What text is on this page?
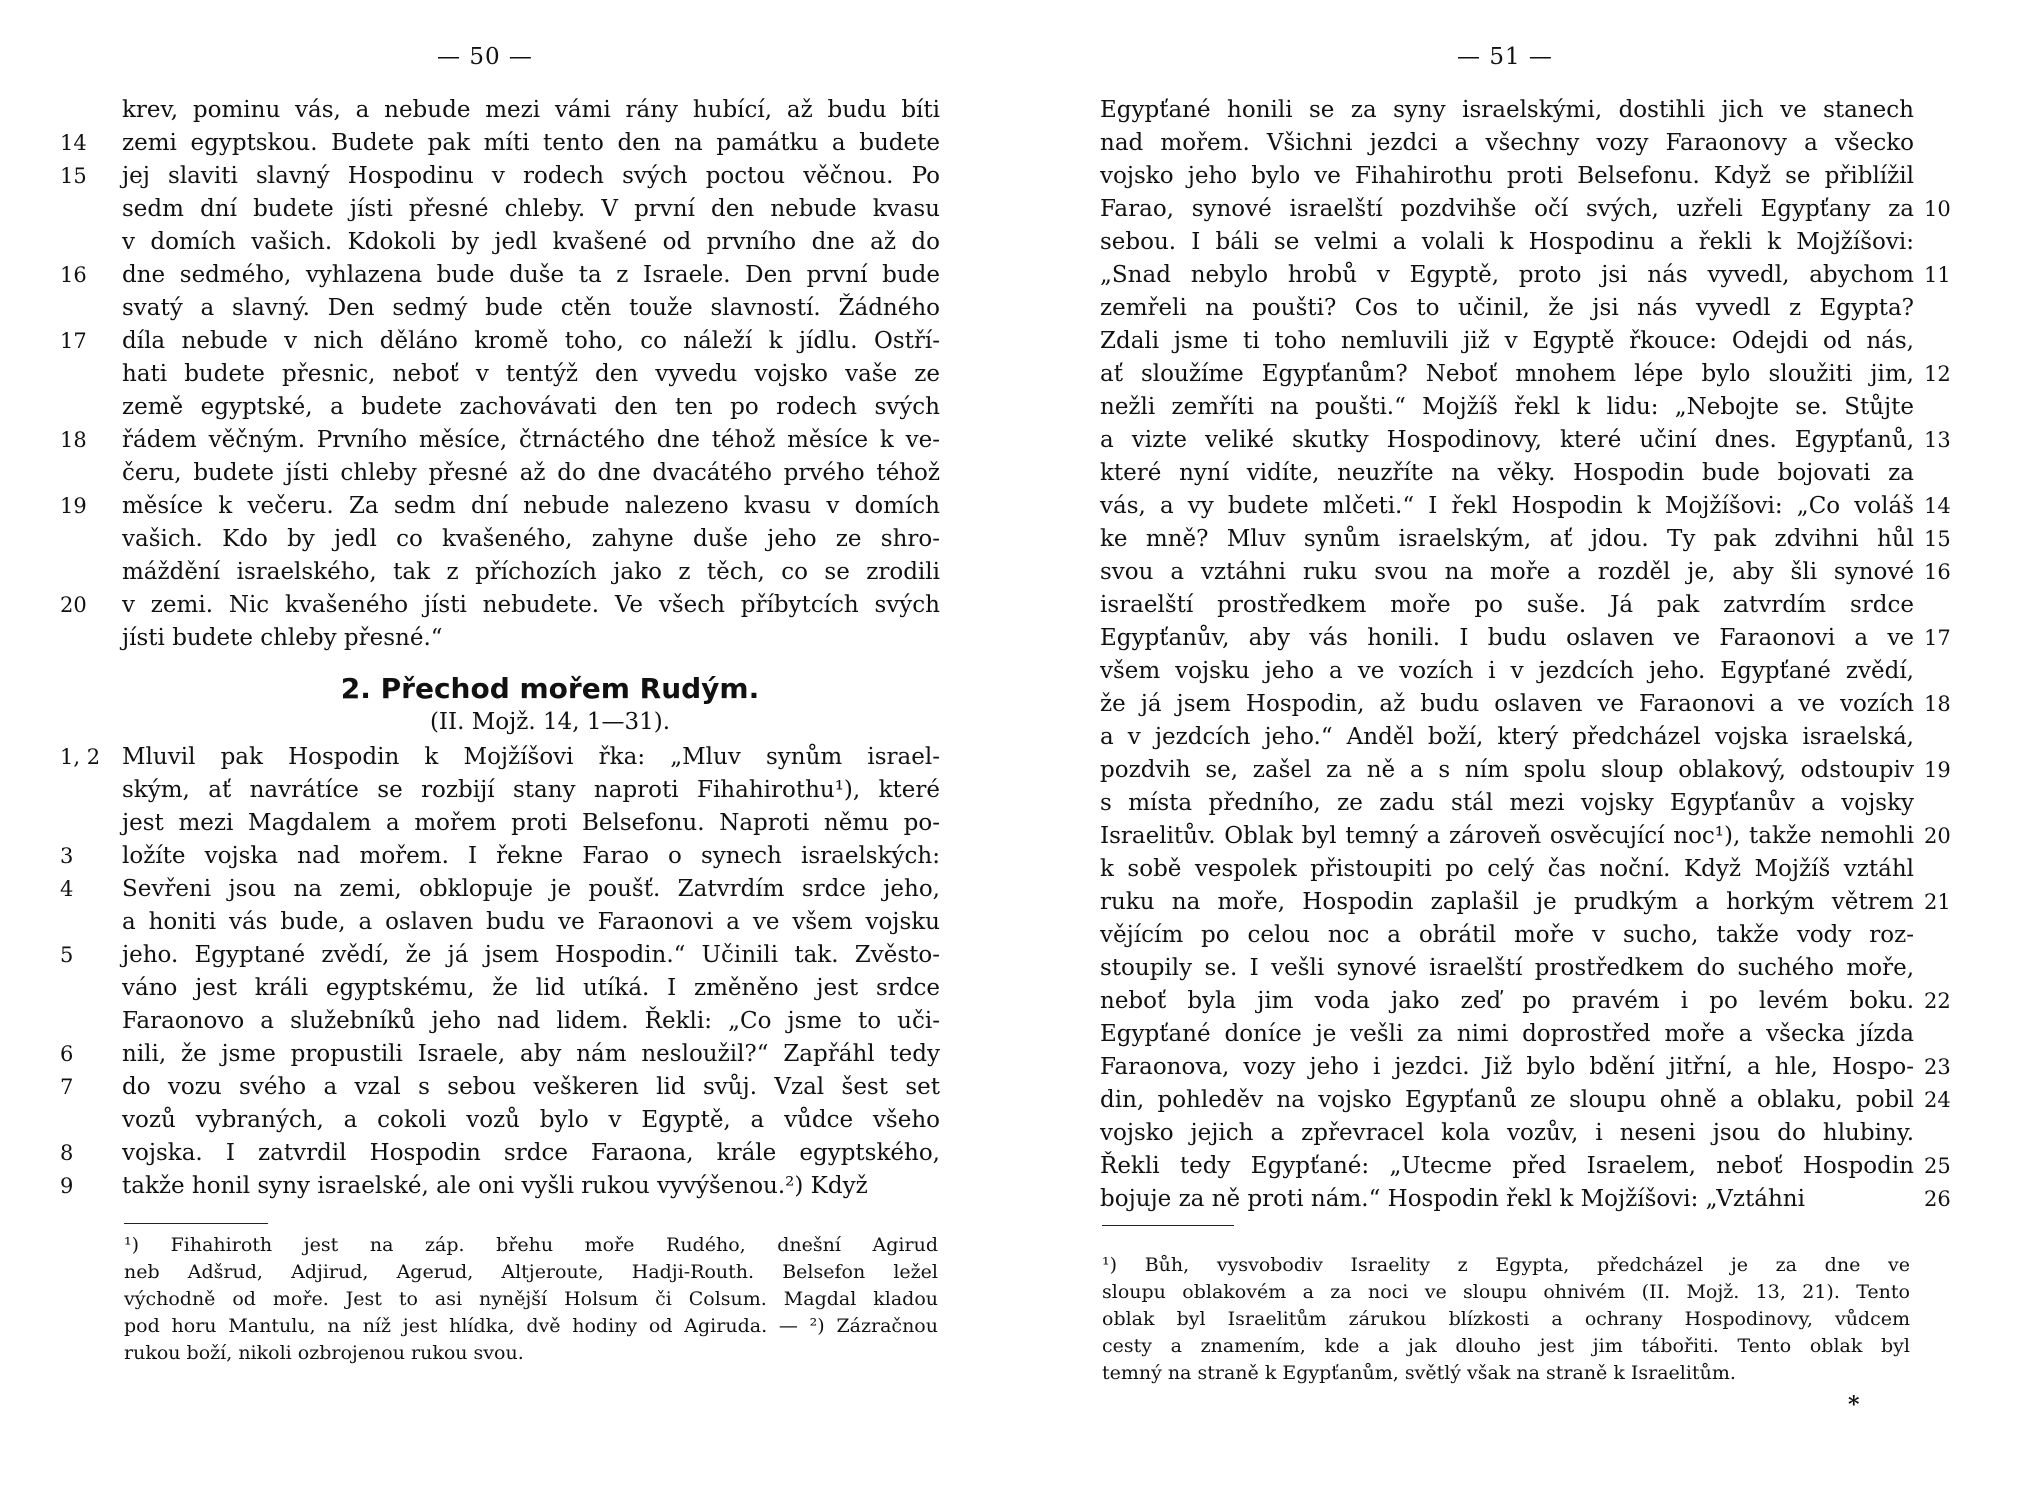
— 50 —
krev, pominu vás, a nebude mezi vámi rány hubící, až budu bíti
14	zemi egyptskou. Budete pak míti tento den na památku a budete
15	jej slaviti slavný Hospodinu v rodech svých poctou věčnou. Po
sedm dní budete jísti přesné chleby. V první den nebude kvasu
v domích vašich. Kdokoli by jedl kvašené od prvního dne až do
16	dne sedmého, vyhlazena bude duše ta z Israele. Den první bude
svatý a slavný. Den sedmý bude ctěn touže slavností. Žádného
17	díla nebude v nich děláno kromě toho, co náleží k jídlu. Ostří-
hati budete přesnic, neboť v tentýž den vyvedu vojsko vaše ze
země egyptské, a budete zachovávati den ten po rodech svých
18	řádem věčným. Prvního měsíce, čtrnáctého dne téhož měsíce k ve-
čeru, budete jísti chleby přesné až do dne dvacátého prvého téhož
19	měsíce k večeru. Za sedm dní nebude nalezeno kvasu v domích
vašich. Kdo by jedl co kvašeného, zahyne duše jeho ze shro-
máždění israelského, tak z příchozích jako z těch, co se zrodili
20	v zemi. Nic kvašeného jísti nebudete. Ve všech příbytcích svých
jísti budete chleby přesné.“
2. Přechod mořem Rudým.
(II. Mojž. 14, 1—31).
1, 2 Mluvil pak Hospodin k Mojžíšovi řka: „Mluv synům israel-
ským, ať navrátíce se rozbijí stany naproti Fihahirothu¹), které
jest mezi Magdalem a mořem proti Belsefonu. Naproti němu po-
3	ložíte vojska nad mořem. I řekne Farao o synech israelských:
4	Sevřeni jsou na zemi, obklopuje je poušť. Zatvrdím srdce jeho,
a honiti vás bude, a oslaven budu ve Faraonovi a ve všem vojsku
5	jeho. Egyptané zvědí, že já jsem Hospodin.“ Učinili tak. Zvěsto-
váno jest králi egyptskému, že lid utíká. I změněno jest srdce
Faraonovo a služebníků jeho nad lidem. Řekli: „Co jsme to uči-
6	nili, že jsme propustili Israele, aby nám nesloužil?“ Zapřáhl tedy
7	do vozu svého a vzal s sebou veškeren lid svůj. Vzal šest set
vozů vybraných, a cokoli vozů bylo v Egyptě, a vůdce všeho
8	vojska. I zatvrdil Hospodin srdce Faraona, krále egyptského,
9	takže honil syny israelské, ale oni vyšli rukou vyvýšenou.²) Když
¹) Fihahiroth jest na záp. břehu moře Rudého, dnešní Agirud
neb Adšrud, Adjirud, Agerud, Altjeroute, Hadji-Routh. Belsefon ležel
východně od moře. Jest to asi nynější Holsum či Colsum. Magdal kladou
pod horu Mantulu, na níž jest hlídka, dvě hodiny od Agiruda. — ²) Zázračnou
rukou boží, nikoli ozbrojenou rukou svou.
— 51 —
Egypťané honili se za syny israelskými, dostihli jich ve stanech
nad mořem. Všichni jezdci a všechny vozy Faraonovy a všecko
vojsko jeho bylo ve Fihahirothu proti Belsefonu. Když se přiblížil
10
Farao, synové israelští pozdvihše očí svých, uzřeli Egypťany za
sebou. I báli se velmi a volali k Hospodinu a řekli k Mojžíšovi:
11
„Snad nebylo hrobů v Egyptě, proto jsi nás vyvedl, abychom
zemřeli na poušti? Cos to učinil, že jsi nás vyvedl z Egypta?
Zdali jsme ti toho nemluvili již v Egyptě řkouce: Odejdi od nás,
12
ať sloužíme Egypťanům? Neboť mnohem lépe bylo sloužiti jim,
nežli zemříti na poušti.“ Mojžíš řekl k lidu: „Nebojte se. Stůjte
13
a vizte veliké skutky Hospodinovy, které učiní dnes. Egypťanů,
které nyní vidíte, neuzříte na věky. Hospodin bude bojovati za
14
vás, a vy budete mlčeti.“ I řekl Hospodin k Mojžíšovi: „Co voláš
15
ke mně? Mluv synům israelským, ať jdou. Ty pak zdvihni hůl
16
svou a vztáhni ruku svou na moře a rozděl je, aby šli synové
israelští prostředkem moře po suše. Já pak zatvrdím srdce
17
Egypťanův, aby vás honili. I budu oslaven ve Faraonovi a ve
všem vojsku jeho a ve vozích i v jezdcích jeho. Egypťané zvědí,
18
že já jsem Hospodin, až budu oslaven ve Faraonovi a ve vozích
a v jezdcích jeho.“ Anděl boží, který předcházel vojska israelská,
19
pozdvih se, zašel za ně a s ním spolu sloup oblakový, odstoupiv
s místa předního, ze zadu stál mezi vojsky Egypťanův a vojsky
20
Israelitův. Oblak byl temný a zároveň osvěcující noc¹), takže nemohli
k sobě vespolek přistoupiti po celý čas noční. Když Mojžíš vztáhl
21
ruku na moře, Hospodin zaplašil je prudkým a horkým větrem
vějícím po celou noc a obrátil moře v sucho, takže vody roz-
stoupily se. I vešli synové israelští prostředkem do suchého moře,
22
neboť byla jim voda jako zeď po pravém i po levém boku.
Egypťané doníce je vešli za nimi doprostřed moře a všecka jízda
23
Faraonova, vozy jeho i jezdci. Již bylo bdění jitřní, a hle, Hospo-
24
din, pohleděv na vojsko Egypťanů ze sloupu ohně a oblaku, pobil
vojsko jejich a zpřevracel kola vozův, i neseni jsou do hlubiny.
25
Řekli tedy Egypťané: „Utecme před Israelem, neboť Hospodin
26
bojuje za ně proti nám.“ Hospodin řekl k Mojžíšovi: „Vztáhni
¹) Bůh, vysvobodiv Israelity z Egypta, předcházel je za dne ve
sloupu oblakovém a za noci ve sloupu ohnivém (II. Mojž. 13, 21). Tento
oblak byl Israelitům zárukou blízkosti a ochrany Hospodinovy, vůdcem
cesty a znamením, kde a jak dlouho jest jim tábořiti. Tento oblak byl
temný na straně k Egypťanům, světlý však na straně k Israelitům.
*
